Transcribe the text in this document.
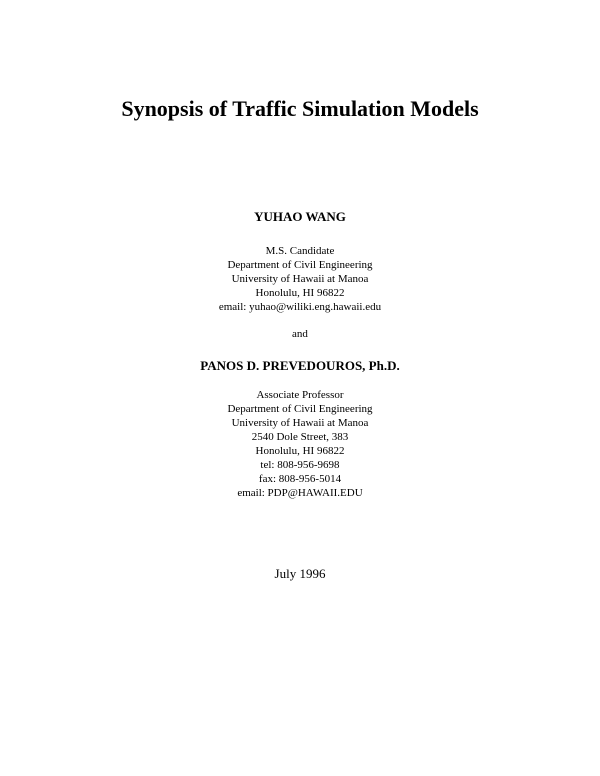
Synopsis of Traffic Simulation Models
YUHAO WANG
M.S. Candidate
Department of Civil Engineering
University of Hawaii at Manoa
Honolulu, HI 96822
email: yuhao@wiliki.eng.hawaii.edu
and
PANOS D. PREVEDOUROS, Ph.D.
Associate Professor
Department of Civil Engineering
University of Hawaii at Manoa
2540 Dole Street, 383
Honolulu, HI 96822
tel: 808-956-9698
fax: 808-956-5014
email: PDP@HAWAII.EDU
July 1996
